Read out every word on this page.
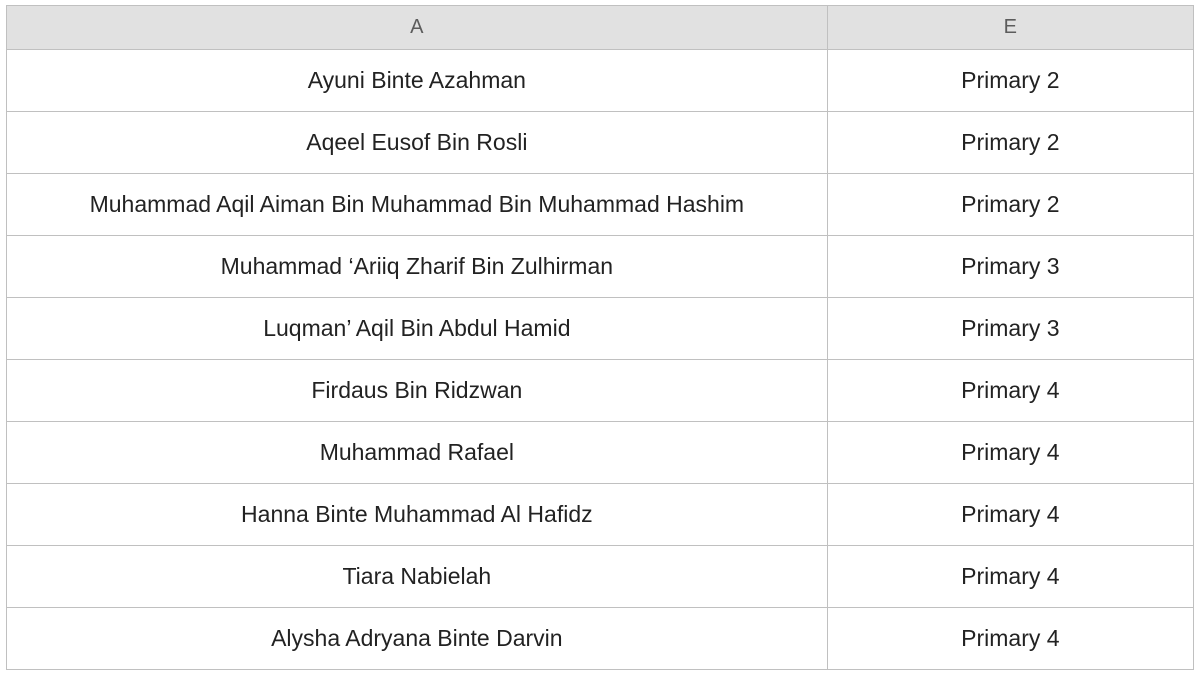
A	E
Ayuni Binte Azahman	Primary 2
Aqeel Eusof Bin Rosli	Primary 2
Muhammad Aqil Aiman Bin Muhammad Bin Muhammad Hashim	Primary 2
Muhammad ‘Ariiq Zharif Bin Zulhirman	Primary 3
Luqman’ Aqil Bin Abdul Hamid	Primary 3
Firdaus Bin Ridzwan	Primary 4
Muhammad Rafael	Primary 4
Hanna Binte Muhammad Al Hafidz	Primary 4
Tiara Nabielah	Primary 4
Alysha Adryana Binte Darvin	Primary 4
